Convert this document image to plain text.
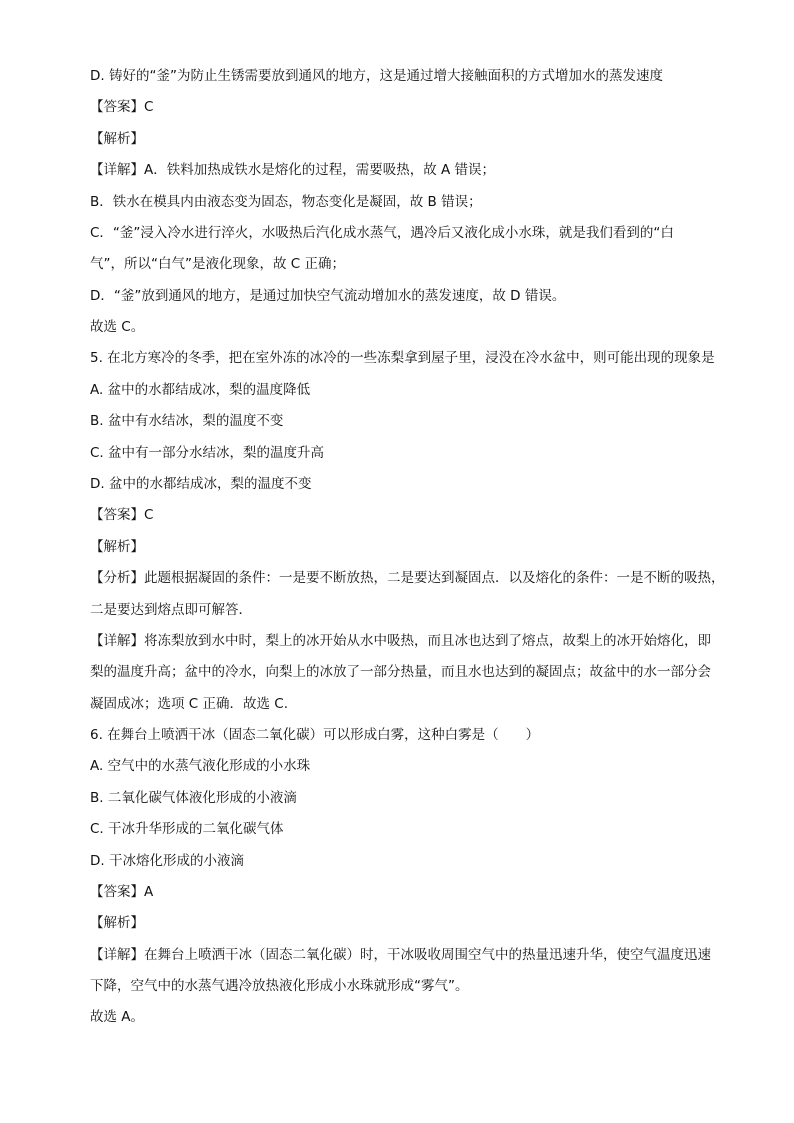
D. 铸好的“釜”为防止生锈需要放到通风的地方，这是通过增大接触面积的方式增加水的蒸发速度
【答案】C
【解析】
【详解】A．铁料加热成铁水是熔化的过程，需要吸热，故 A 错误；
B．铁水在模具内由液态变为固态，物态变化是凝固，故 B 错误；
C．“釜”浸入冷水进行淬火，水吸热后汽化成水蒸气，遇冷后又液化成小水珠，就是我们看到的“白
气”，所以“白气”是液化现象，故 C 正确；
D．“釜”放到通风的地方，是通过加快空气流动增加水的蒸发速度，故 D 错误。
故选 C。
5. 在北方寒冷的冬季，把在室外冻的冰冷的一些冻梨拿到屋子里，浸没在冷水盆中，则可能出现的现象是
A. 盆中的水都结成冰，梨的温度降低
B. 盆中有水结冰，梨的温度不变
C. 盆中有一部分水结冰，梨的温度升高
D. 盆中的水都结成冰，梨的温度不变
【答案】C
【解析】
【分析】此题根据凝固的条件：一是要不断放热，二是要达到凝固点．以及熔化的条件：一是不断的吸热，
二是要达到熔点即可解答．
【详解】将冻梨放到水中时，梨上的冰开始从水中吸热，而且冰也达到了熔点，故梨上的冰开始熔化，即
梨的温度升高；盆中的冷水，向梨上的冰放了一部分热量，而且水也达到的凝固点；故盆中的水一部分会
凝固成冰；选项 C 正确．故选 C.
6. 在舞台上喷洒干冰（固态二氧化碳）可以形成白雾，这种白雾是（　　）
A. 空气中的水蒸气液化形成的小水珠
B. 二氧化碳气体液化形成的小液滴
C. 干冰升华形成的二氧化碳气体
D. 干冰熔化形成的小液滴
【答案】A
【解析】
【详解】在舞台上喷洒干冰（固态二氧化碳）时，干冰吸收周围空气中的热量迅速升华，使空气温度迅速
下降，空气中的水蒸气遇冷放热液化形成小水珠就形成“雾气”。
故选 A。
